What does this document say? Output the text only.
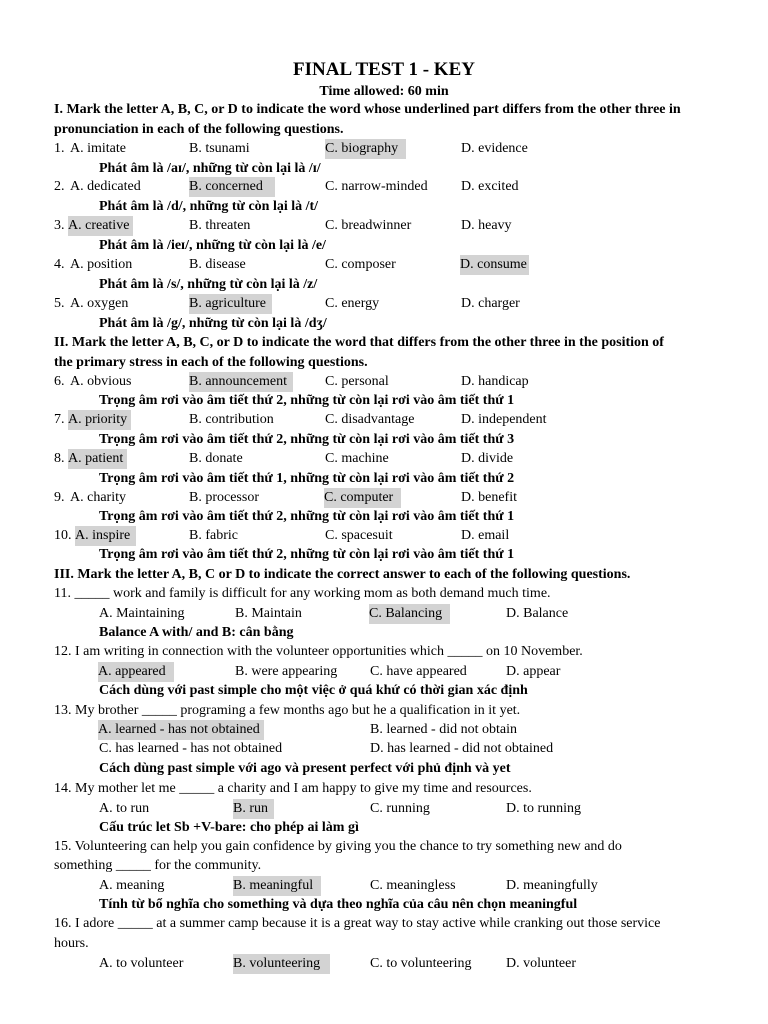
FINAL TEST 1 - KEY
Time allowed: 60 min
I. Mark the letter A, B, C, or D to indicate the word whose underlined part differs from the other three in
pronunciation in each of the following questions.
1. A. imitate	B. tsunami	C. biography	D. evidence
Phát âm là /aɪ/, những từ còn lại là /ɪ/
2. A. dedicated	B. concerned	C. narrow-minded D. excited
Phát âm là /d/, những từ còn lại là /t/
3. A. creative	B. threaten	C. breadwinner	D. heavy
Phát âm là /ieɪ/, những từ còn lại là /e/
4. A. position	B. disease	C. composer	D. consume
Phát âm là /s/, những từ còn lại là /z/
5. A. oxygen	B. agriculture	C. energy	D. charger
Phát âm là /g/, những từ còn lại là /dʒ/
II. Mark the letter A, B, C, or D to indicate the word that differs from the other three in the position of
the primary stress in each of the following questions.
6. A. obvious	B. announcement	C. personal	D. handicap
Trọng âm rơi vào âm tiết thứ 2, những từ còn lại rơi vào âm tiết thứ 1
7. A. priority	B. contribution	C. disadvantage	D. independent
Trọng âm rơi vào âm tiết thứ 2, những từ còn lại rơi vào âm tiết thứ 3
8. A. patient	B. donate	C. machine	D. divide
Trọng âm rơi vào âm tiết thứ 1, những từ còn lại rơi vào âm tiết thứ 2
9. A. charity	B. processor	C. computer	D. benefit
Trọng âm rơi vào âm tiết thứ 2, những từ còn lại rơi vào âm tiết thứ 1
10. A. inspire	B. fabric	C. spacesuit	D. email
Trọng âm rơi vào âm tiết thứ 2, những từ còn lại rơi vào âm tiết thứ 1
III. Mark the letter A, B, C or D to indicate the correct answer to each of the following questions.
11. _____ work and family is difficult for any working mom as both demand much time.
A. Maintaining	B. Maintain	C. Balancing	D. Balance
Balance A with/ and B: cân bằng
12. I am writing in connection with the volunteer opportunities which _____ on 10 November.
A. appeared	B. were appearing C. have appeared	D. appear
Cách dùng với past simple cho một việc ở quá khứ có thời gian xác định
13. My brother _____ programing a few months ago but he a qualification in it yet.
A. learned - has not obtained	B. learned - did not obtain
C. has learned - has not obtained	D. has learned - did not obtained
Cách dùng past simple với ago và present perfect với phủ định và yet
14. My mother let me _____ a charity and I am happy to give my time and resources.
A. to run	B. run	C. running	D. to running
Cấu trúc let Sb +V-bare: cho phép ai làm gì
15. Volunteering can help you gain confidence by giving you the chance to try something new and do
something _____ for the community.
A. meaning	B. meaningful	C. meaningless	D. meaningfully
Tính từ bổ nghĩa cho something và dựa theo nghĩa của câu nên chọn meaningful
16. I adore _____ at a summer camp because it is a great way to stay active while cranking out those service
hours.
A. to volunteer	B. volunteering	C. to volunteering D. volunteer
